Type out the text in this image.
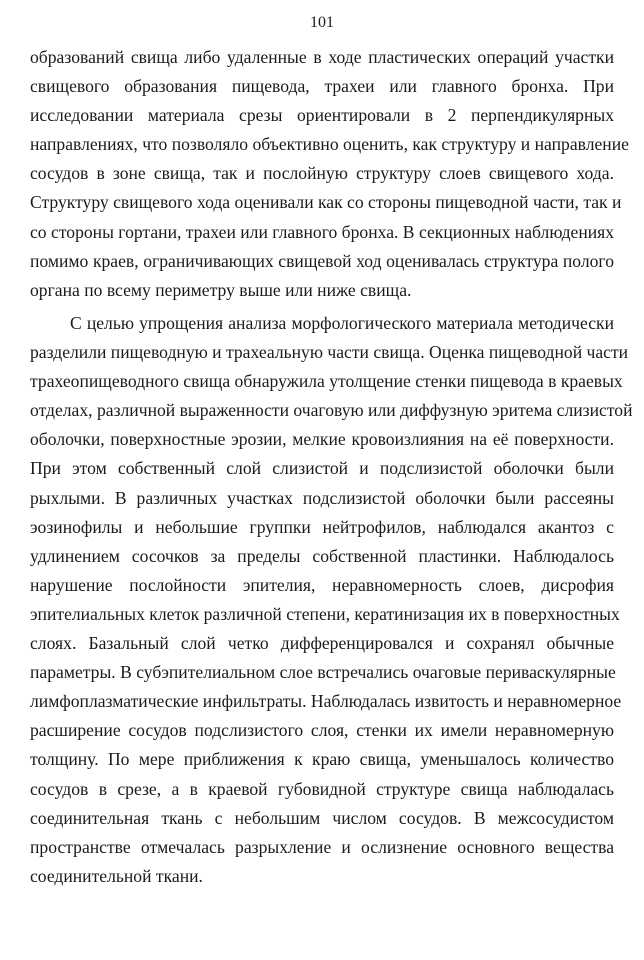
101
образований свища либо удаленные в ходе пластических операций участки
свищевого образования пищевода, трахеи или главного бронха. При
исследовании материала срезы ориентировали в 2 перпендикулярных
направлениях, что позволяло объективно оценить, как структуру и направление
сосудов в зоне свища, так и послойную структуру слоев свищевого хода.
Структуру свищевого хода оценивали как со стороны пищеводной части, так и
со стороны гортани, трахеи или главного бронха. В секционных наблюдениях
помимо краев, ограничивающих свищевой ход оценивалась структура полого
органа по всему периметру выше или ниже свища.
С целью упрощения анализа морфологического материала методически
разделили пищеводную и трахеальную части свища. Оценка пищеводной части
трахеопищеводного свища обнаружила утолщение стенки пищевода в краевых
отделах, различной выраженности очаговую или диффузную эритема слизистой
оболочки, поверхностные эрозии, мелкие кровоизлияния на её поверхности.
При этом собственный слой слизистой и подслизистой оболочки были
рыхлыми. В различных участках подслизистой оболочки были рассеяны
эозинофилы и небольшие группки нейтрофилов, наблюдался акантоз с
удлинением сосочков за пределы собственной пластинки. Наблюдалось
нарушение послойности эпителия, неравномерность слоев, дисрофия
эпителиальных клеток различной степени, кератинизация их в поверхностных
слоях. Базальный слой четко дифференцировался и сохранял обычные
параметры. В субэпителиальном слое встречались очаговые периваскулярные
лимфоплазматические инфильтраты. Наблюдалась извитость и неравномерное
расширение сосудов подслизистого слоя, стенки их имели неравномерную
толщину. По мере приближения к краю свища, уменьшалось количество
сосудов в срезе, а в краевой губовидной структуре свища наблюдалась
соединительная ткань с небольшим числом сосудов. В межсосудистом
пространстве отмечалась разрыхление и ослизнение основного вещества
соединительной ткани.
